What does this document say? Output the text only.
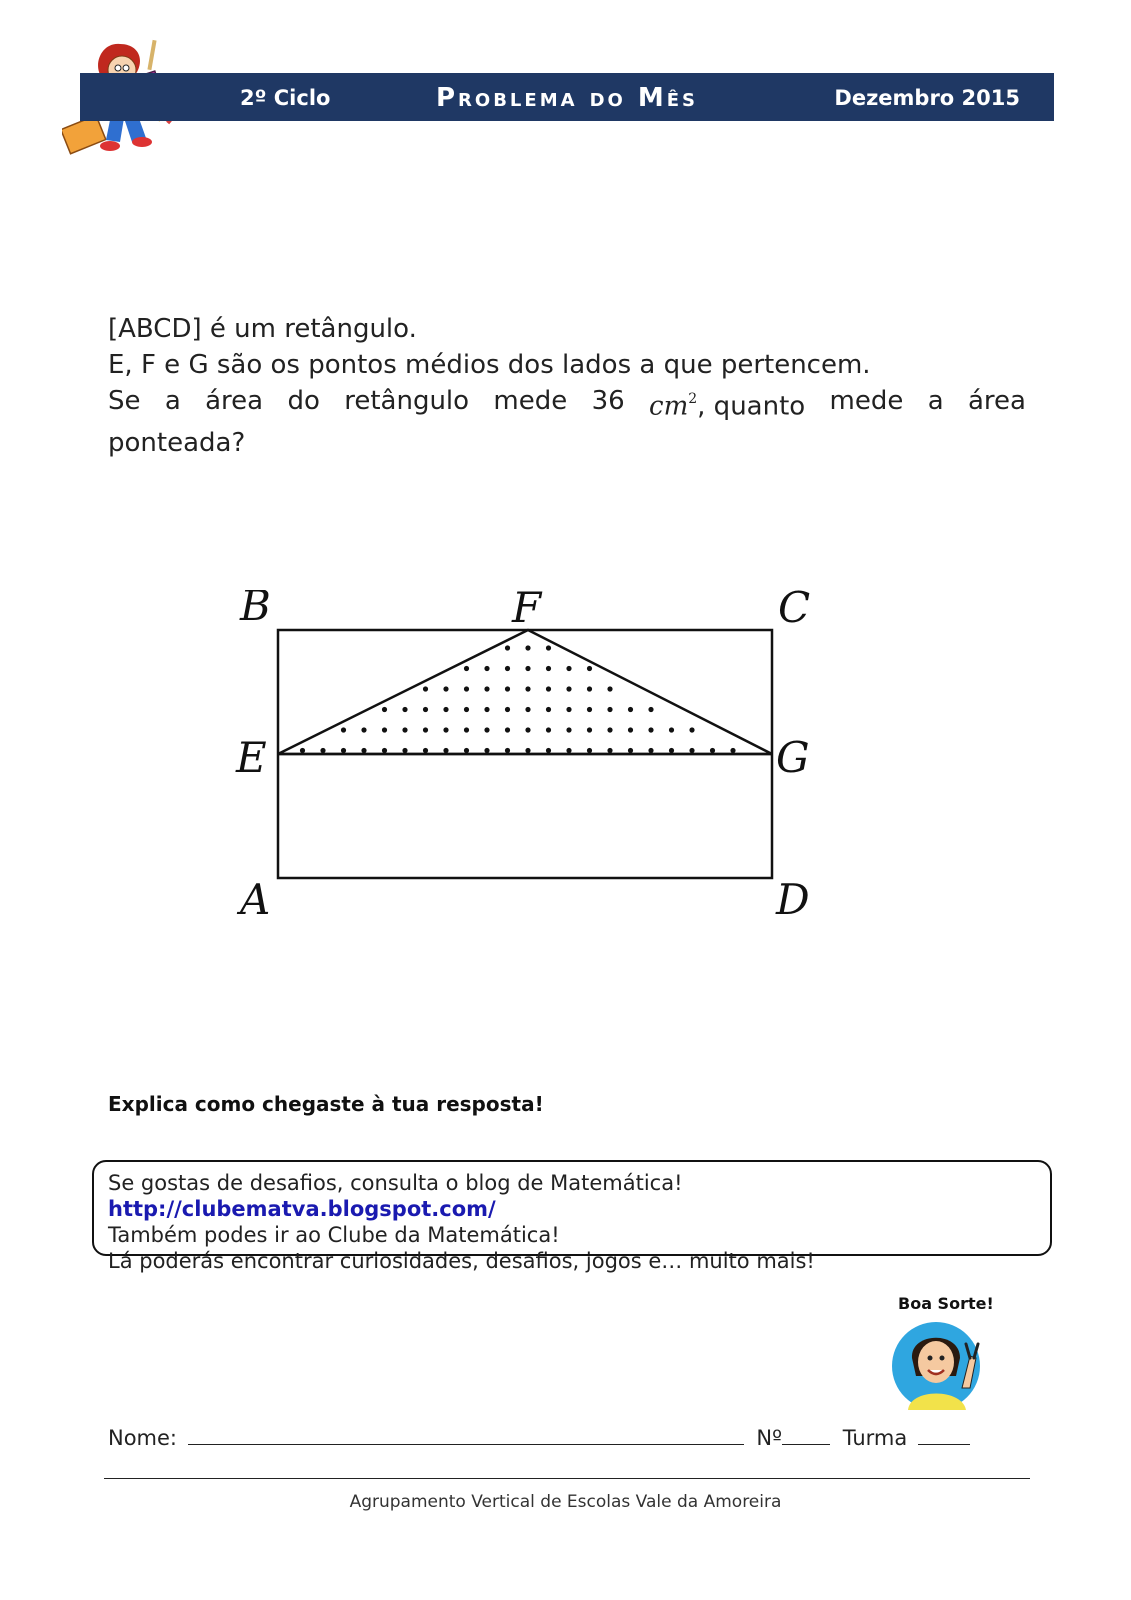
2º Ciclo	Problema do Mês	Dezembro 2015
[ABCD] é um retângulo.
E, F e G são os pontos médios dos lados a que pertencem.
Se a área do retângulo mede 36 $cm^2$, quanto mede a área
ponteada?
B	F	C
E	G
A	D
Explica como chegaste à tua resposta!
Se gostas de desafios, consulta o blog de Matemática! http://clubematva.blogspot.com/
Também podes ir ao Clube da Matemática!
Lá poderás encontrar curiosidades, desafios, jogos e… muito mais!
Boa Sorte!
Nome:	Nº	Turma
Agrupamento Vertical de Escolas Vale da Amoreira
